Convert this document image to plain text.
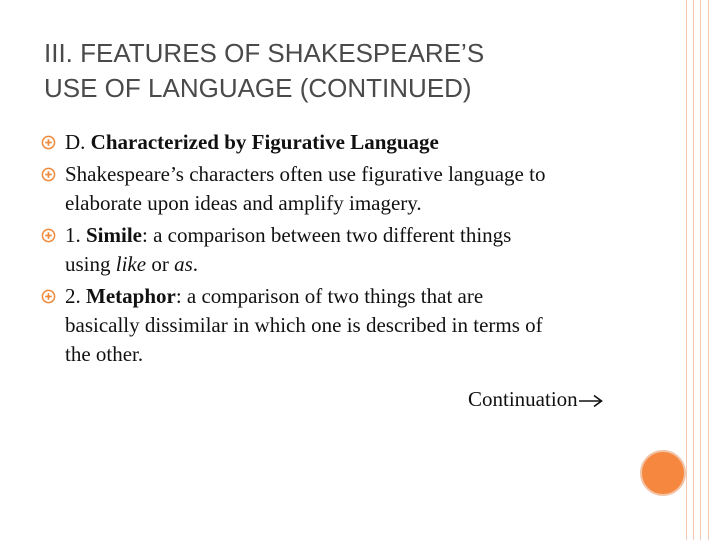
III. FEATURES OF SHAKESPEARE’S
USE OF LANGUAGE (CONTINUED)
D. Characterized by Figurative Language
Shakespeare’s characters often use figurative language to
elaborate upon ideas and amplify imagery.
1. Simile: a comparison between two different things
using like or as.
2. Metaphor: a comparison of two things that are
basically dissimilar in which one is described in terms of
the other.
Continuation
